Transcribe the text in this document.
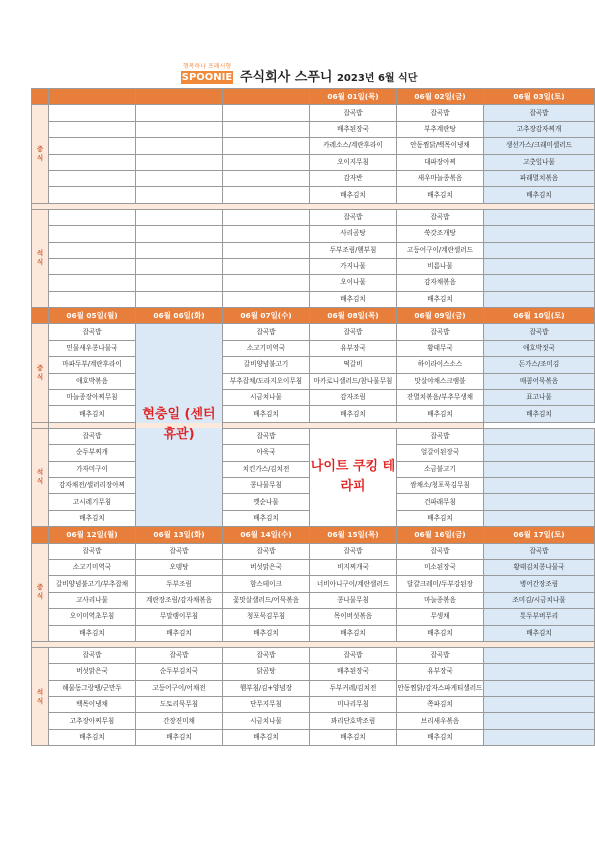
행복하나 프레시형
SPOONIE 주식회사 스푸니 2023년 6월 식단
				06월 01일(목)	06월 02일(금)	06월 03일(토)

중
식				잡곡밥	잡곡밥	잡곡밥
				배추된장국	부추계란탕	고추장감자찌개
				카레소스/계란후라이	안동찜닭/백목이냉채	생선가스/크래미샐러드
				오이지무침	대파장아찌	고춧잎나물
				감자반	새우마늘종볶음	파래멸치볶음
				배추김치	배추김치	배추김치

석
식				잡곡밥	잡곡밥	
				사리곰탕	쑥갓조개탕	
				두부조림/햄부침	고등어구이/계란샐러드	
				가지나물	비름나물	
				오이나물	감자채볶음	
				배추김치	배추김치	
	06월 05일(월)	06월 06일(화)	06월 07일(수)	06월 08일(목)	06월 09일(금)	06월 10일(토)

중
식	잡곡밥	현충일 (센터 휴관)	잡곡밥	잡곡밥	잡곡밥	잡곡밥
	민물새우콩나물국		소고기미역국	유부장국	황태무국	애호박젓국
	마파두부/계란후라이		갈비양념불고기	떡갈비	하이라이스소스	돈가스/조미김
	애호박볶음		부추잡채/도라지오이무침	마카로니샐러드/참나물무침	맛살야채스크램블	매콤어묵볶음
	마늘종장아찌무침		시금치나물	감자조림	잔멸치볶음/부추무생채	표고나물
	배추김치		배추김치	배추김치	배추김치	배추김치

석
식	잡곡밥		잡곡밥	나이트 쿠킹 테라피	잡곡밥	
	순두부찌개		아욱국		얼갈이된장국	
	가자미구이		치킨가스/김치전		소금불고기	
	감자채전/샐러리장아찌		콩나물무침		쌈채소/청포묵김무침	
	고시레기무침		깻순나물		건파래무침	
	배추김치		배추김치		배추김치	
	06월 12일(월)	06월 13일(화)	06월 14일(수)	06월 15일(목)	06월 16일(금)	06월 17일(토)

중
식	잡곡밥	잡곡밥	잡곡밥	잡곡밥	잡곡밥	잡곡밥
	소고기미역국	오뎅탕	버섯맑은국	비지찌개국	미소된장국	황태김치콩나물국
	갈비양념불고기/부추잡채	두부조림	함스테이크	너비아니구이/계란샐러드	달걀크레미/두부강된장	병어간장조림
	고사리나물	계란장조림/감자채볶음	꽃맛살샐러드/어묵볶음	콩나물무침	마늘종볶음	조미김/시금치나물
	오이미역초무침	무말랭이무침	청포묵김무침	목이버섯볶음	무생채	톳두부버무리
	배추김치	배추김치	배추김치	배추김치	배추김치	배추김치

석
식	잡곡밥	잡곡밥	잡곡밥	잡곡밥	잡곡밥	
	버섯맑은국	순두부김치국	닭곰탕	배추된장국	유부장국	
	해물동그랑땡/군만두	고등어구이/어채전	햄부침/김+양념장	두부커레/김치전	안동찜닭/감자스파게티샐러드	
	백목이냉채	도토리묵무침	단무지무침	미나리무침	쪽파김치	
	고추장아찌무침	간장진미채	시금치나물	꽈리단호박조림	브리새우볶음	
	배추김치	배추김치	배추김치	배추김치	배추김치	
